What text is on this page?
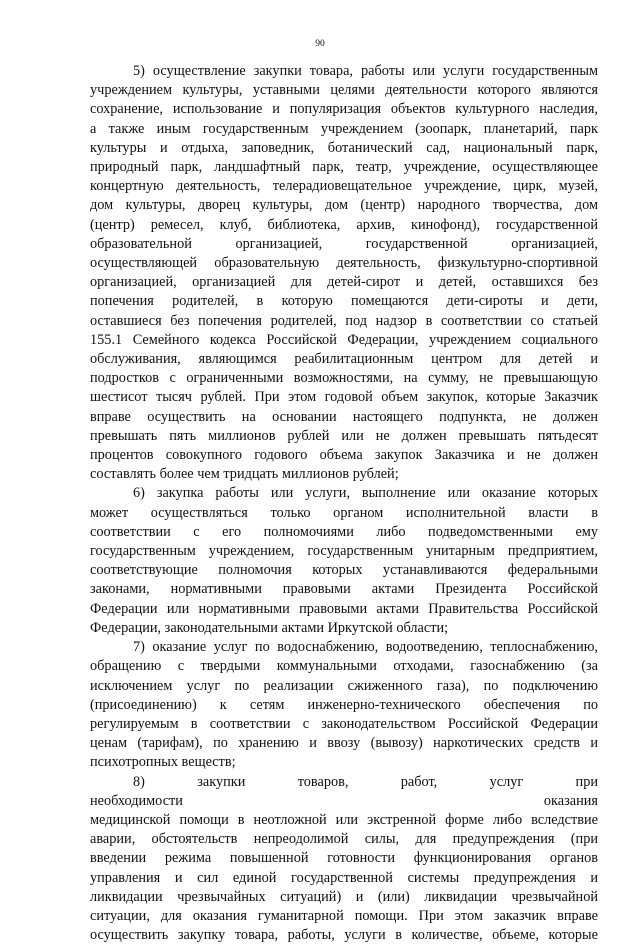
90
5) осуществление закупки товара, работы или услуги государственным
учреждением культуры, уставными целями деятельности которого являются
сохранение, использование и популяризация объектов культурного наследия,
а также иным государственным учреждением (зоопарк, планетарий, парк
культуры и отдыха, заповедник, ботанический сад, национальный парк,
природный парк, ландшафтный парк, театр, учреждение, осуществляющее
концертную деятельность, телерадиовещательное учреждение, цирк, музей,
дом культуры, дворец культуры, дом (центр) народного творчества, дом
(центр) ремесел, клуб, библиотека, архив, кинофонд), государственной
образовательной организацией, государственной организацией,
осуществляющей образовательную деятельность, физкультурно-спортивной
организацией, организацией для детей-сирот и детей, оставшихся без
попечения родителей, в которую помещаются дети-сироты и дети,
оставшиеся без попечения родителей, под надзор в соответствии со статьей
155.1 Семейного кодекса Российской Федерации, учреждением социального
обслуживания, являющимся реабилитационным центром для детей и
подростков с ограниченными возможностями, на сумму, не превышающую
шестисот тысяч рублей. При этом годовой объем закупок, которые Заказчик
вправе осуществить на основании настоящего подпункта, не должен
превышать пять миллионов рублей или не должен превышать пятьдесят
процентов совокупного годового объема закупок Заказчика и не должен
составлять более чем тридцать миллионов рублей;
6) закупка работы или услуги, выполнение или оказание которых
может осуществляться только органом исполнительной власти в
соответствии с его полномочиями либо подведомственными ему
государственным учреждением, государственным унитарным предприятием,
соответствующие полномочия которых устанавливаются федеральными
законами, нормативными правовыми актами Президента Российской
Федерации или нормативными правовыми актами Правительства Российской
Федерации, законодательными актами Иркутской области;
7) оказание услуг по водоснабжению, водоотведению, теплоснабжению,
обращению с твердыми коммунальными отходами, газоснабжению (за
исключением услуг по реализации сжиженного газа), по подключению
(присоединению) к сетям инженерно-технического обеспечения по
регулируемым в соответствии с законодательством Российской Федерации
ценам (тарифам), по хранению и ввозу (вывозу) наркотических средств и
психотропных веществ;
8) закупки товаров, работ, услуг при необходимости оказания
медицинской помощи в неотложной или экстренной форме либо вследствие
аварии, обстоятельств непреодолимой силы, для предупреждения (при
введении режима повышенной готовности функционирования органов
управления и сил единой государственной системы предупреждения и
ликвидации чрезвычайных ситуаций) и (или) ликвидации чрезвычайной
ситуации, для оказания гуманитарной помощи. При этом заказчик вправе
осуществить закупку товара, работы, услуги в количестве, объеме, которые
